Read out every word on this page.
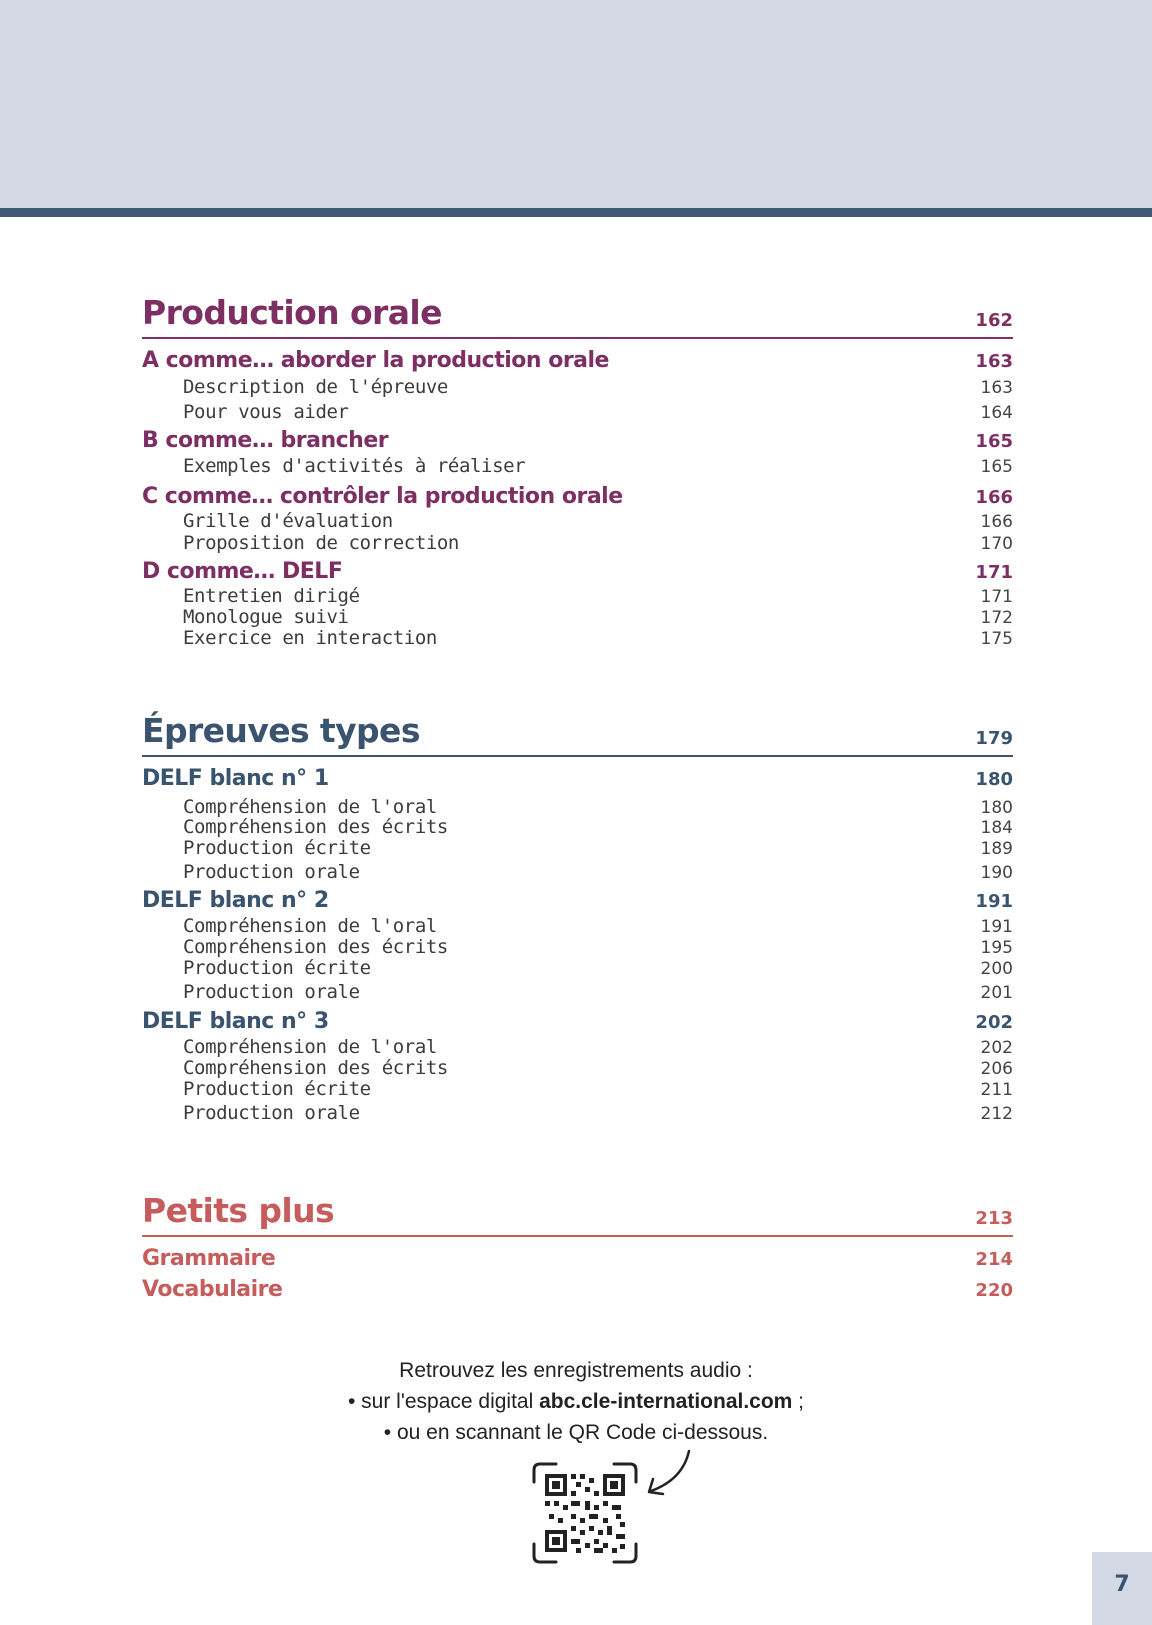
Production orale	162
A comme… aborder la production orale	163
Description de l'épreuve	163
Pour vous aider	164
B comme… brancher	165
Exemples d'activités à réaliser	165
C comme… contrôler la production orale	166
Grille d'évaluation	166
Proposition de correction	170
D comme… DELF	171
Entretien dirigé	171
Monologue suivi	172
Exercice en interaction	175
Épreuves types	179
DELF blanc n° 1	180
Compréhension de l'oral	180
Compréhension des écrits	184
Production écrite	189
Production orale	190
DELF blanc n° 2	191
Compréhension de l'oral	191
Compréhension des écrits	195
Production écrite	200
Production orale	201
DELF blanc n° 3	202
Compréhension de l'oral	202
Compréhension des écrits	206
Production écrite	211
Production orale	212
Petits plus	213
Grammaire	214
Vocabulaire	220
Retrouvez les enregistrements audio :
• sur l'espace digital abc.cle-international.com ;
• ou en scannant le QR Code ci-dessous.
7
